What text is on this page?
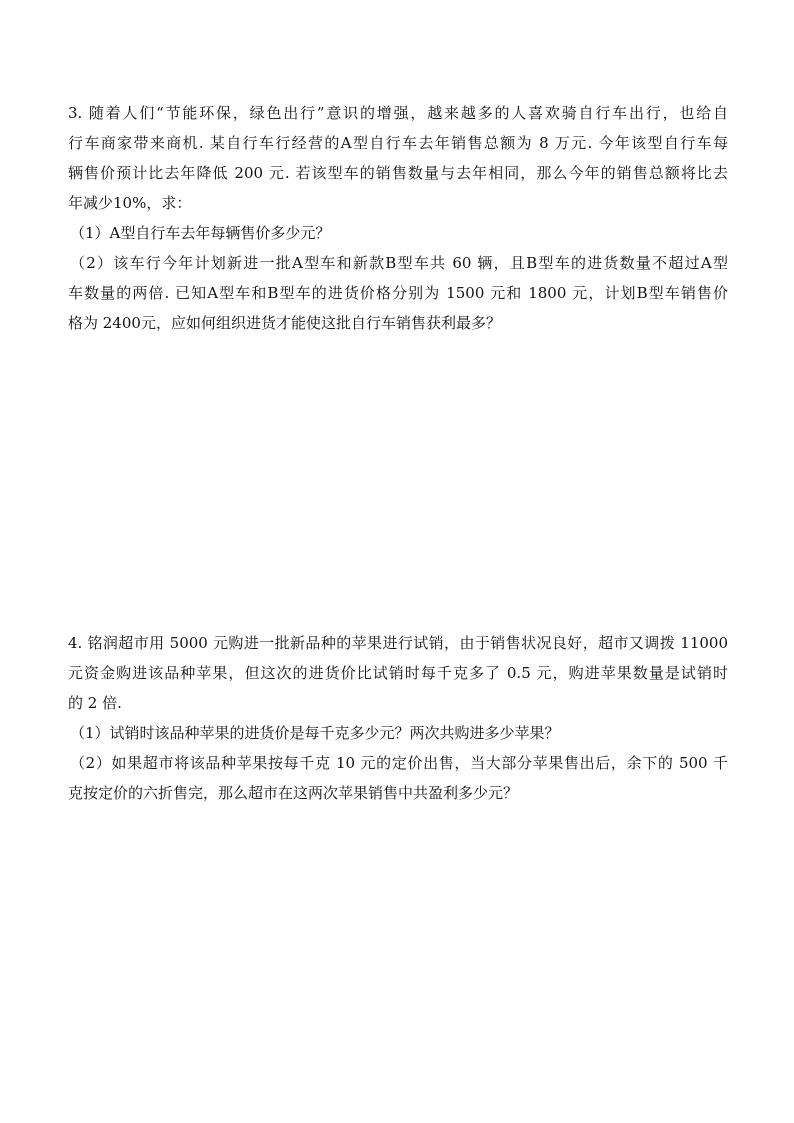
3. 随着人们“节能环保，绿色出行”意识的增强，越来越多的人喜欢骑自行车出行，也给自
行车商家带来商机. 某自行车行经营的A型自行车去年销售总额为 8 万元. 今年该型自行车每
辆售价预计比去年降低 200 元. 若该型车的销售数量与去年相同，那么今年的销售总额将比去
年减少10%，求：
（1）A型自行车去年每辆售价多少元？
（2）该车行今年计划新进一批A型车和新款B型车共 60 辆，且B型车的进货数量不超过A型
车数量的两倍. 已知A型车和B型车的进货价格分别为 1500 元和 1800 元，计划B型车销售价
格为 2400元，应如何组织进货才能使这批自行车销售获利最多？
4. 铭润超市用 5000 元购进一批新品种的苹果进行试销，由于销售状况良好，超市又调拨 11000
元资金购进该品种苹果，但这次的进货价比试销时每千克多了 0.5 元，购进苹果数量是试销时
的 2 倍.
（1）试销时该品种苹果的进货价是每千克多少元？两次共购进多少苹果？
（2）如果超市将该品种苹果按每千克 10 元的定价出售，当大部分苹果售出后，余下的 500 千
克按定价的六折售完，那么超市在这两次苹果销售中共盈利多少元？
